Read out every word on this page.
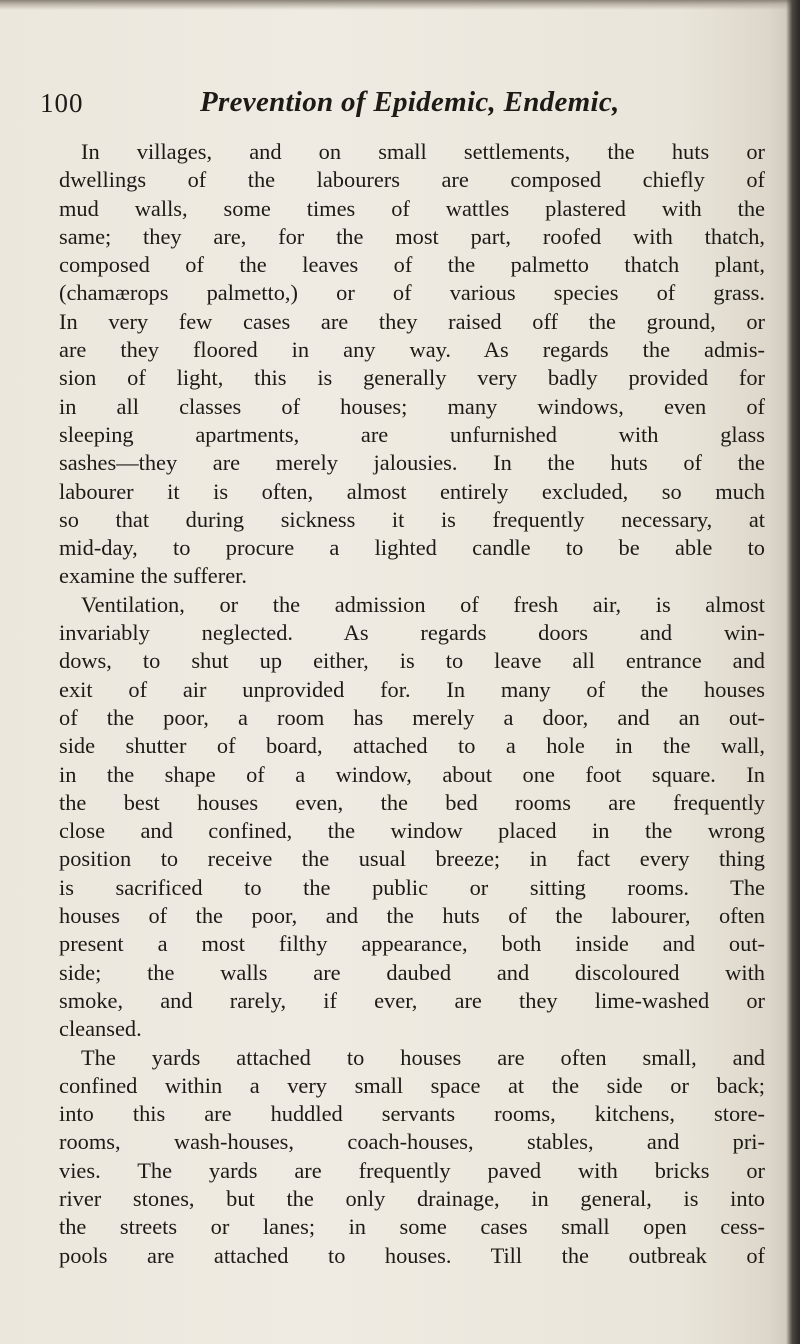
100	Prevention of Epidemic, Endemic,
In villages, and on small settlements, the huts or
dwellings of the labourers are composed chiefly of
mud walls, some times of wattles plastered with the
same; they are, for the most part, roofed with thatch,
composed of the leaves of the palmetto thatch plant,
(chamærops palmetto,) or of various species of grass.
In very few cases are they raised off the ground, or
are they floored in any way. As regards the admis-
sion of light, this is generally very badly provided for
in all classes of houses; many windows, even of
sleeping apartments, are unfurnished with glass
sashes—they are merely jalousies. In the huts of the
labourer it is often, almost entirely excluded, so much
so that during sickness it is frequently necessary, at
mid-day, to procure a lighted candle to be able to
examine the sufferer.
Ventilation, or the admission of fresh air, is almost
invariably neglected. As regards doors and win-
dows, to shut up either, is to leave all entrance and
exit of air unprovided for. In many of the houses
of the poor, a room has merely a door, and an out-
side shutter of board, attached to a hole in the wall,
in the shape of a window, about one foot square. In
the best houses even, the bed rooms are frequently
close and confined, the window placed in the wrong
position to receive the usual breeze; in fact every thing
is sacrificed to the public or sitting rooms. The
houses of the poor, and the huts of the labourer, often
present a most filthy appearance, both inside and out-
side; the walls are daubed and discoloured with
smoke, and rarely, if ever, are they lime-washed or
cleansed.
The yards attached to houses are often small, and
confined within a very small space at the side or back;
into this are huddled servants rooms, kitchens, store-
rooms, wash-houses, coach-houses, stables, and pri-
vies. The yards are frequently paved with bricks or
river stones, but the only drainage, in general, is into
the streets or lanes; in some cases small open cess-
pools are attached to houses. Till the outbreak of
